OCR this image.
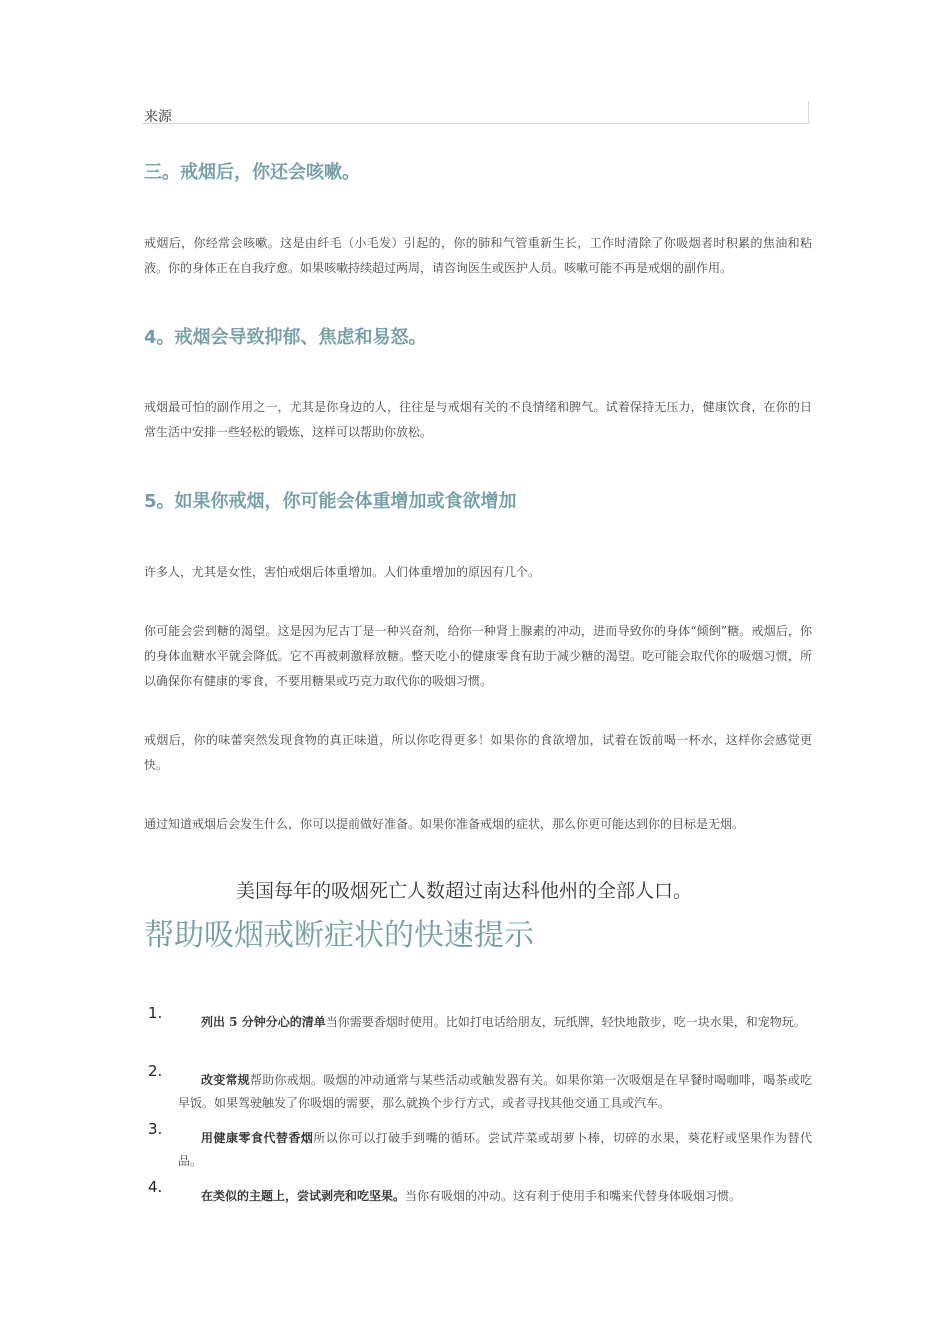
来源
三。戒烟后，你还会咳嗽。

戒烟后，你经常会咳嗽。这是由纤毛（小毛发）引起的，你的肺和气管重新生长，工作时清除了你吸烟者时积累的焦油和粘液。你的身体正在自我疗愈。如果咳嗽持续超过两周，请咨询医生或医护人员。咳嗽可能不再是戒烟的副作用。

4。戒烟会导致抑郁、焦虑和易怒。

戒烟最可怕的副作用之一，尤其是你身边的人，往往是与戒烟有关的不良情绪和脾气。试着保持无压力，健康饮食，在你的日常生活中安排一些轻松的锻炼，这样可以帮助你放松。

5。如果你戒烟，你可能会体重增加或食欲增加

许多人，尤其是女性，害怕戒烟后体重增加。人们体重增加的原因有几个。

你可能会尝到糖的渴望。这是因为尼古丁是一种兴奋剂，给你一种肾上腺素的冲动，进而导致你的身体“倾倒”糖。戒烟后，你的身体血糖水平就会降低。它不再被刺激释放糖。整天吃小的健康零食有助于减少糖的渴望。吃可能会取代你的吸烟习惯，所以确保你有健康的零食，不要用糖果或巧克力取代你的吸烟习惯。

戒烟后，你的味蕾突然发现食物的真正味道，所以你吃得更多！如果你的食欲增加，试着在饭前喝一杯水，这样你会感觉更快。

通过知道戒烟后会发生什么，你可以提前做好准备。如果你准备戒烟的症状，那么你更可能达到你的目标是无烟。

美国每年的吸烟死亡人数超过南达科他州的全部人口。

帮助吸烟戒断症状的快速提示
1.	列出 5 分钟分心的清单当你需要香烟时使用。比如打电话给朋友，玩纸牌，轻快地散步，吃一块水果，和宠物玩。
2.	改变常规帮助你戒烟。吸烟的冲动通常与某些活动或触发器有关。如果你第一次吸烟是在早餐时喝咖啡，喝茶或吃早饭。如果驾驶触发了你吸烟的需要，那么就换个步行方式，或者寻找其他交通工具或汽车。
3.	用健康零食代替香烟所以你可以打破手到嘴的循环。尝试芹菜或胡萝卜棒，切碎的水果，葵花籽或坚果作为替代品。
4.	在类似的主题上，尝试剥壳和吃坚果。当你有吸烟的冲动。这有利于使用手和嘴来代替身体吸烟习惯。
